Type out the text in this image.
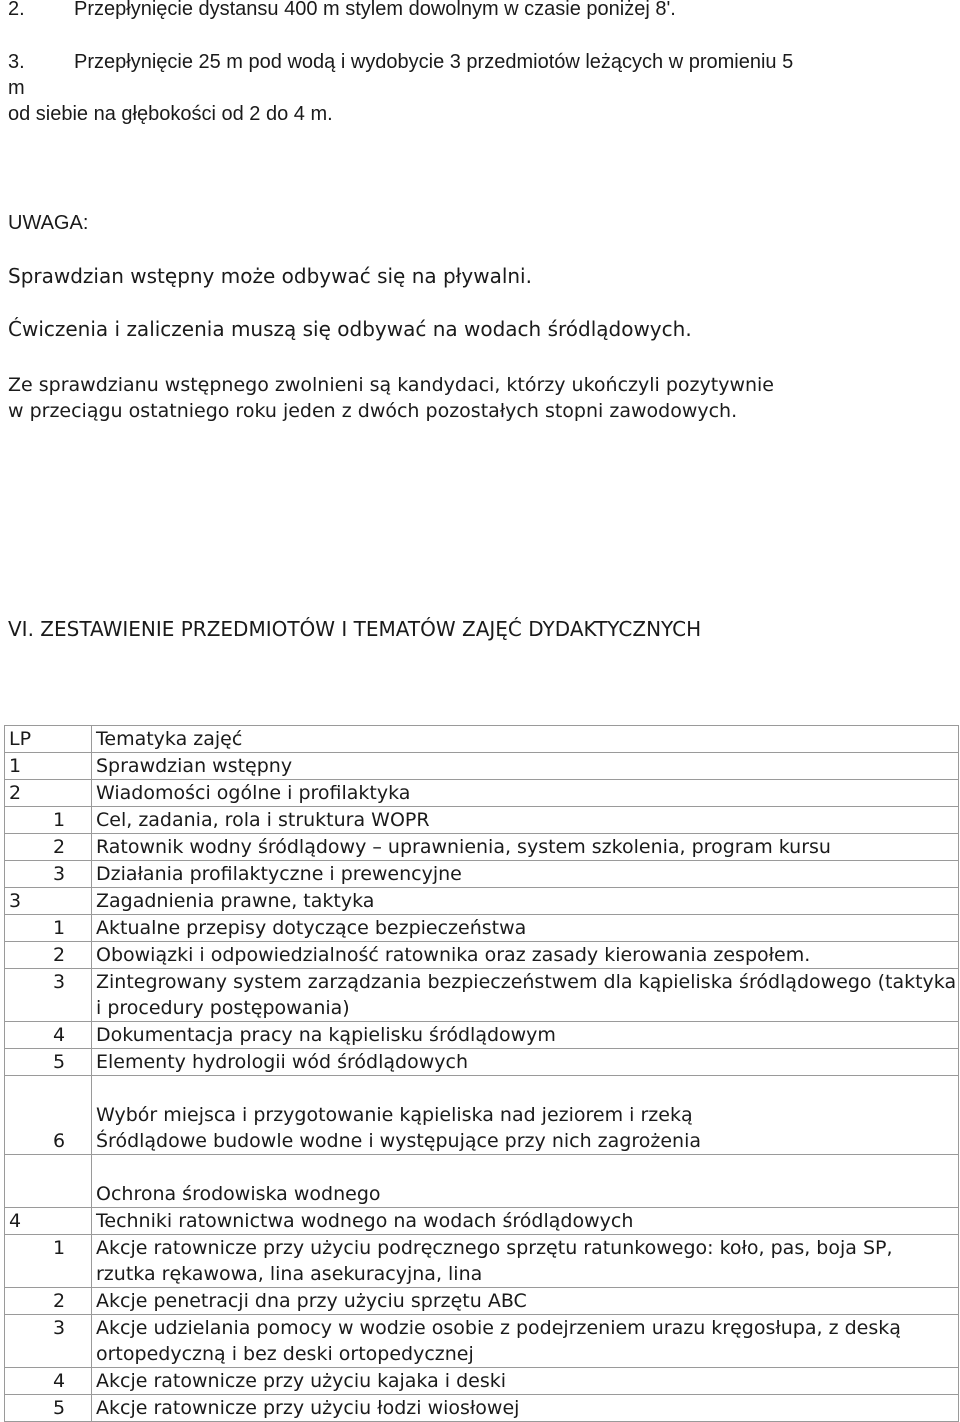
2. Przepłynięcie dystansu 400 m stylem dowolnym w czasie poniżej 8'.
3. Przepłynięcie 25 m pod wodą i wydobycie 3 przedmiotów leżących w promieniu 5
m
od siebie na głębokości od 2 do 4 m.
UWAGA:
Sprawdzian wstępny może odbywać się na pływalni.
Ćwiczenia i zaliczenia muszą się odbywać na wodach śródlądowych.
Ze sprawdzianu wstępnego zwolnieni są kandydaci, którzy ukończyli pozytywnie
w przeciągu ostatniego roku jeden z dwóch pozostałych stopni zawodowych.
VI. ZESTAWIENIE PRZEDMIOTÓW I TEMATÓW ZAJĘĆ DYDAKTYCZNYCH
LP	Tematyka zajęć
1	Sprawdzian wstępny
2	Wiadomości ogólne i profilaktyka
1	Cel, zadania, rola i struktura WOPR
2	Ratownik wodny śródlądowy – uprawnienia, system szkolenia, program kursu
3	Działania profilaktyczne i prewencyjne
3	Zagadnienia prawne, taktyka
1	Aktualne przepisy dotyczące bezpieczeństwa
2	Obowiązki i odpowiedzialność ratownika oraz zasady kierowania zespołem.
3	Zintegrowany system zarządzania bezpieczeństwem dla kąpieliska śródlądowego (taktyka i procedury postępowania)
4	Dokumentacja pracy na kąpielisku śródlądowym
5	Elementy hydrologii wód śródlądowych

6	Wybór miejsca i przygotowanie kąpieliska nad jeziorem i rzeką
Śródlądowe budowle wodne i występujące przy nich zagrożenia

	Ochrona środowiska wodnego
4	Techniki ratownictwa wodnego na wodach śródlądowych
1	Akcje ratownicze przy użyciu podręcznego sprzętu ratunkowego: koło, pas, boja SP, rzutka rękawowa, lina asekuracyjna, lina
2	Akcje penetracji dna przy użyciu sprzętu ABC
3	Akcje udzielania pomocy w wodzie osobie z podejrzeniem urazu kręgosłupa, z deską ortopedyczną i bez deski ortopedycznej
4	Akcje ratownicze przy użyciu kajaka i deski
5	Akcje ratownicze przy użyciu łodzi wiosłowej
